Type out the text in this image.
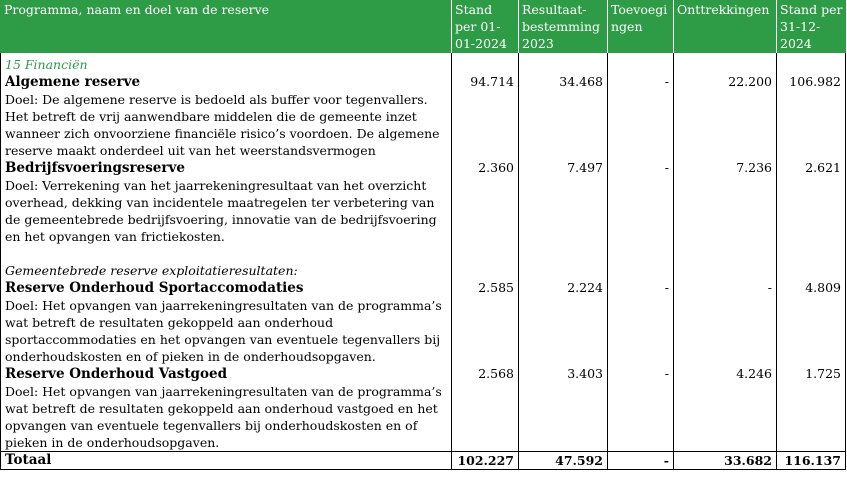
Programma, naam en doel van de reserve	Stand per 01-01-2024	Resultaat-bestemming 2023	Toevoegingen	Onttrekkingen	Stand per 31-12-2024
15 Financiën					
Algemene reserve
Doel: De algemene reserve is bedoeld als buffer voor tegenvallers. Het betreft de vrij aanwendbare middelen die de gemeente inzet wanneer zich onvoorziene financiële risico’s voordoen. De algemene reserve maakt onderdeel uit van het weerstandsvermogen	94.714	34.468	-	22.200	106.982
Bedrijfsvoeringsreserve
Doel: Verrekening van het jaarrekeningresultaat van het overzicht overhead, dekking van incidentele maatregelen ter verbetering van de gemeentebrede bedrijfsvoering, innovatie van de bedrijfsvoering en het opvangen van frictiekosten.	2.360	7.497	-	7.236	2.621
Gemeentebrede reserve exploitatieresultaten:					
Reserve Onderhoud Sportaccomodaties
Doel: Het opvangen van jaarrekeningresultaten van de programma’s wat betreft de resultaten gekoppeld aan onderhoud sportaccommodaties en het opvangen van eventuele tegenvallers bij onderhoudskosten en of pieken in de onderhoudsopgaven.	2.585	2.224	-	-	4.809
Reserve Onderhoud Vastgoed
Doel: Het opvangen van jaarrekeningresultaten van de programma’s wat betreft de resultaten gekoppeld aan onderhoud vastgoed en het opvangen van eventuele tegenvallers bij onderhoudskosten en of pieken in de onderhoudsopgaven.	2.568	3.403	-	4.246	1.725
Totaal	102.227	47.592	-	33.682	116.137
